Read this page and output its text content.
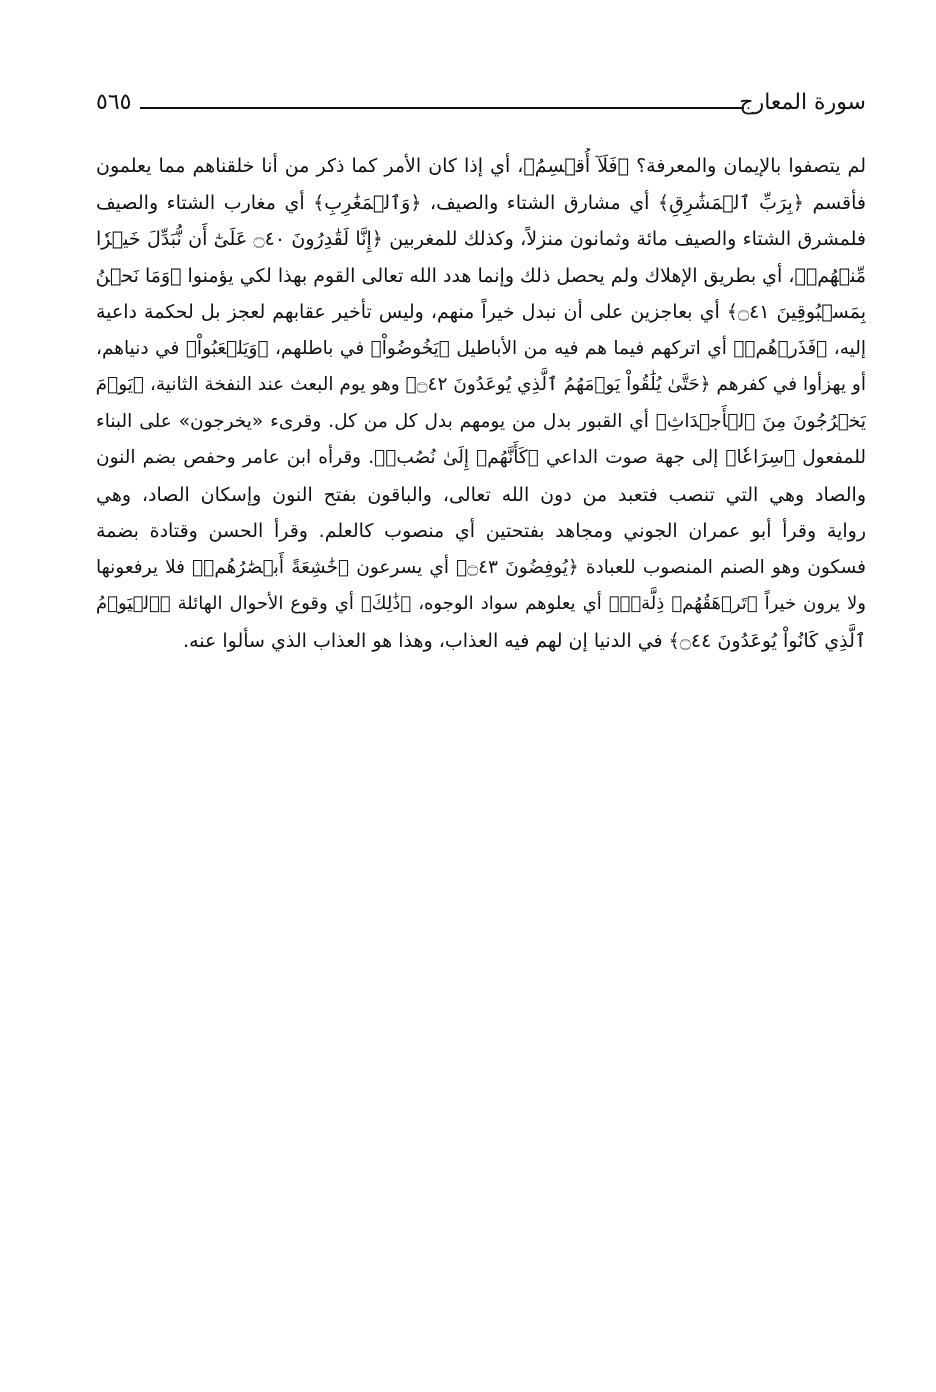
سورة المعارج
٥٦٥
لم يتصفوا بالإيمان والمعرفة؟ ﴿فَلَآ أُقۡسِمُ﴾، أي إذا كان الأمر كما ذكر من أنا خلقناهم مما يعلمون
فأقسم ﴿بِرَبِّ ٱلۡمَشَٰرِقِ﴾ أي مشارق الشتاء والصيف، ﴿وَٱلۡمَغَٰرِبِ﴾ أي مغارب الشتاء والصيف
فلمشرق الشتاء والصيف مائة وثمانون منزلاً، وكذلك للمغربين ﴿إِنَّا لَقَٰدِرُونَ ۝٤٠ عَلَىٰٓ أَن نُّبَدِّلَ خَيۡرٗا
مِّنۡهُمۡ﴾، أي بطريق الإهلاك ولم يحصل ذلك وإنما هدد الله تعالى القوم بهذا لكي يؤمنوا ﴿وَمَا نَحۡنُ
بِمَسۡبُوقِينَ ۝٤١﴾ أي بعاجزين على أن نبدل خيراً منهم، وليس تأخير عقابهم لعجز بل لحكمة داعية
إليه، ﴿فَذَرۡهُمۡ﴾ أي اتركهم فيما هم فيه من الأباطيل ﴿يَخُوضُواْ﴾ في باطلهم، ﴿وَيَلۡعَبُواْ﴾ في دنياهم،
أو يهزأوا في كفرهم ﴿حَتَّىٰ يُلَٰقُواْ يَوۡمَهُمُ ٱلَّذِي يُوعَدُونَ ۝٤٢﴾ وهو يوم البعث عند النفخة الثانية، ﴿يَوۡمَ
يَخۡرُجُونَ مِنَ ٱلۡأَجۡدَاثِ﴾ أي القبور بدل من يومهم بدل كل من كل. وقرىء «يخرجون» على البناء
للمفعول ﴿سِرَاعٗا﴾ إلى جهة صوت الداعي ﴿كَأَنَّهُمۡ إِلَىٰ نُصُبٖ﴾. وقرأه ابن عامر وحفص بضم النون
والصاد وهي التي تنصب فتعبد من دون الله تعالى، والباقون بفتح النون وإسكان الصاد، وهي
رواية وقرأ أبو عمران الجوني ومجاهد بفتحتين أي منصوب كالعلم. وقرأ الحسن وقتادة بضمة
فسكون وهو الصنم المنصوب للعبادة ﴿يُوفِضُونَ ۝٤٣﴾ أي يسرعون ﴿خَٰشِعَةً أَبۡصَٰرُهُمۡ﴾ فلا يرفعونها
ولا يرون خيراً ﴿تَرۡهَقُهُمۡ ذِلَّةٞۚ﴾ أي يعلوهم سواد الوجوه، ﴿ذَٰلِكَ﴾ أي وقوع الأحوال الهائلة ﴿ٱلۡيَوۡمُ
ٱلَّذِي كَانُواْ يُوعَدُونَ ۝٤٤﴾ في الدنيا إن لهم فيه العذاب، وهذا هو العذاب الذي سألوا عنه.
